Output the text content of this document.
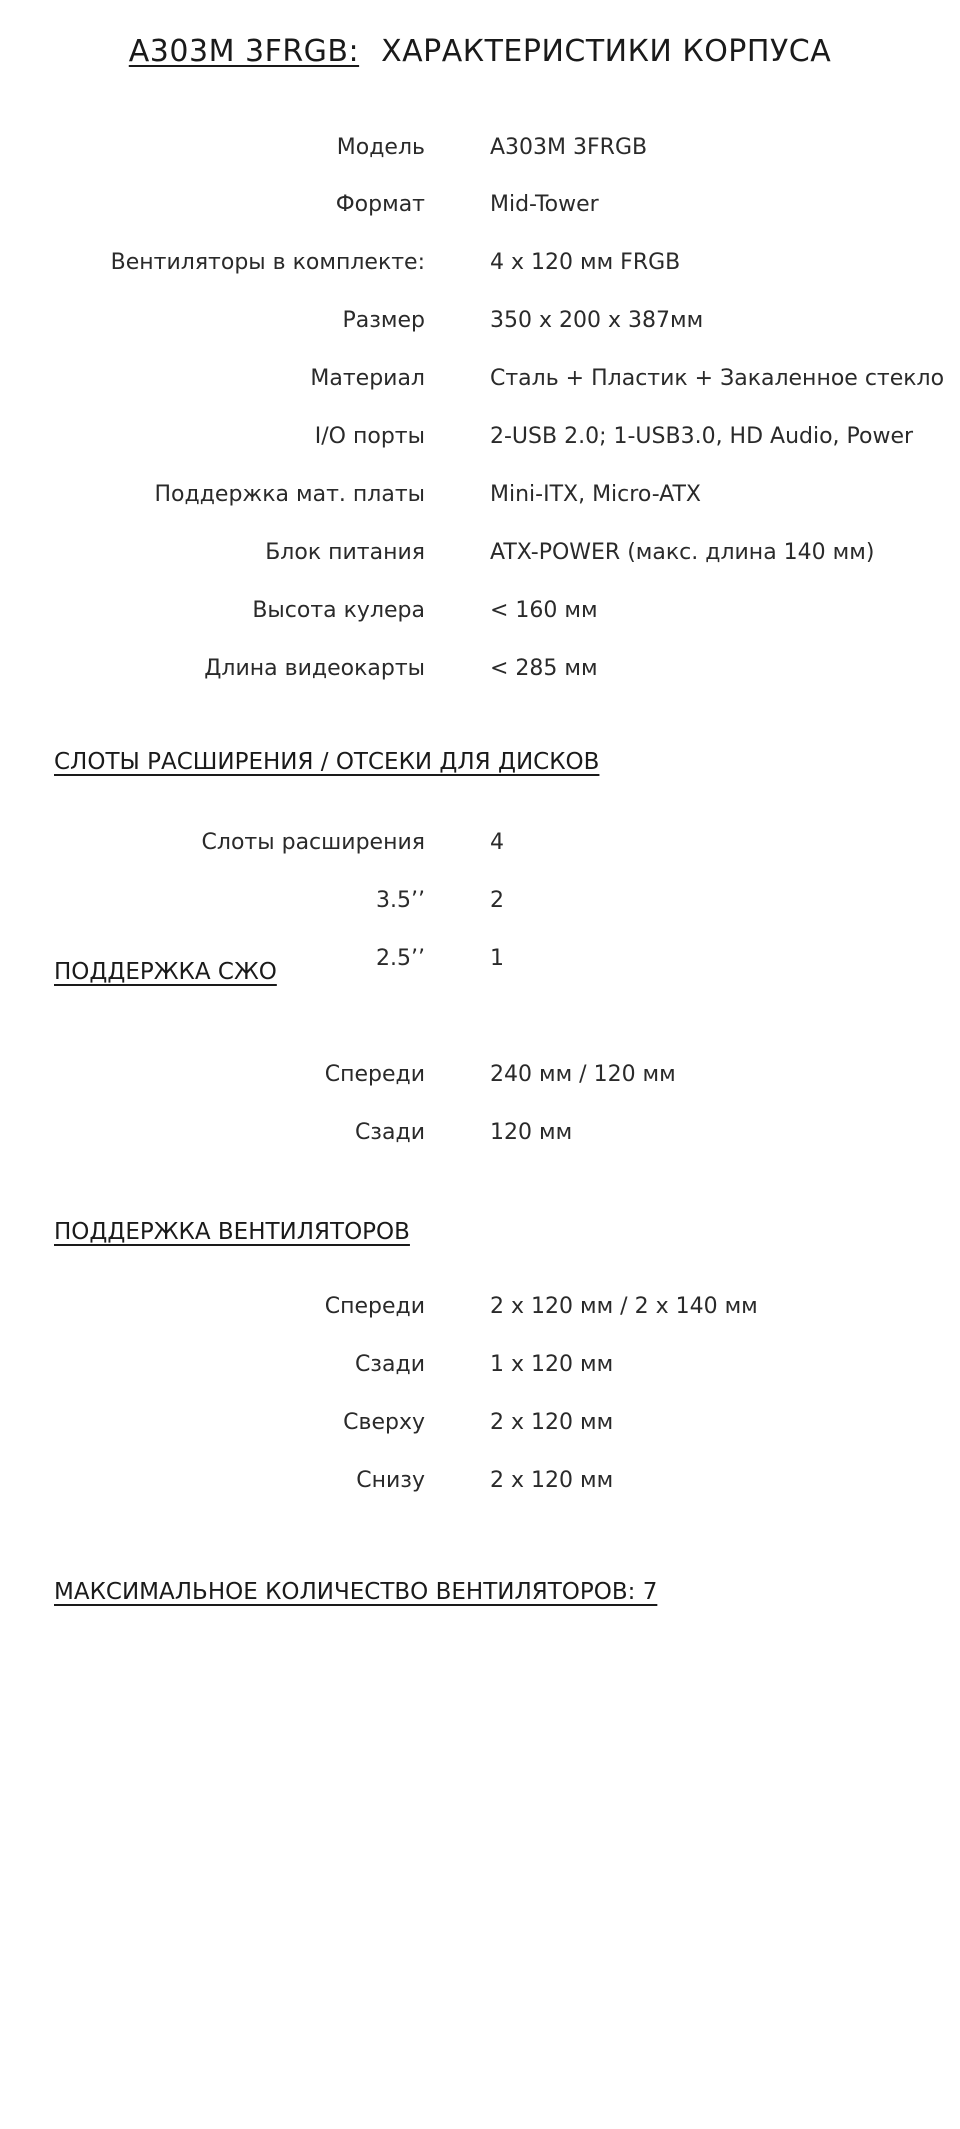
A303M 3FRGB: ХАРАКТЕРИСТИКИ КОРПУСА
Модель	A303M 3FRGB
Формат	Mid-Tower
Вентиляторы в комплекте:	4 x 120 мм FRGB
Размер	350 x 200 x 387мм
Материал	Сталь + Пластик + Закаленное стекло
I/O порты	2-USB 2.0; 1-USB3.0, HD Audio, Power
Поддержка мат. платы	Mini-ITX, Micro-ATX
Блок питания	ATX-POWER (макс. длина 140 мм)
Высота кулера	< 160 мм
Длина видеокарты	< 285 мм
СЛОТЫ РАСШИРЕНИЯ / ОТСЕКИ ДЛЯ ДИСКОВ
Слоты расширения	4
3.5’’	2
2.5’’	1
ПОДДЕРЖКА СЖО
Спереди	240 мм / 120 мм
Сзади	120 мм
ПОДДЕРЖКА ВЕНТИЛЯТОРОВ
Спереди	2 x 120 мм / 2 x 140 мм
Сзади	1 x 120 мм
Сверху	2 x 120 мм
Снизу	2 x 120 мм
МАКСИМАЛЬНОЕ КОЛИЧЕСТВО ВЕНТИЛЯТОРОВ: 7
